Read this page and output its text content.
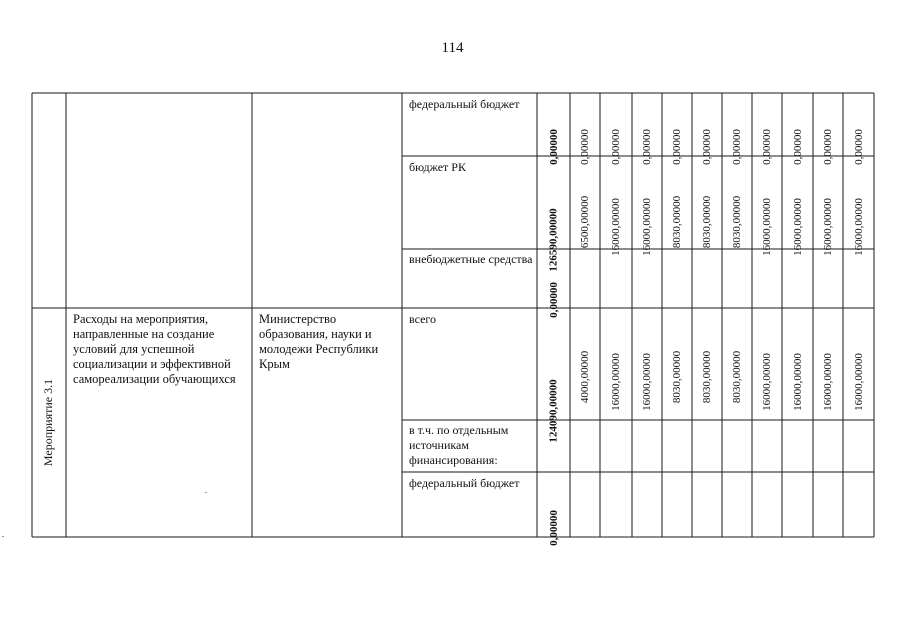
114
федеральный бюджет
бюджет РК
внебюджетные средства
всего
в т.ч. по отдельным источникам финансирования:
федеральный бюджет
Мероприятие 3.1
Расходы на мероприятия, направленные на создание условий для успешной социализации и эффективной самореализации обучающихся
Министерство образования, науки и молодежи Республики Крым
0,00000 0,00000 0,00000 0,00000 0,00000 0,00000 0,00000 0,00000 0,00000 0,00000 0,00000
126590,00000 6500,00000 16000,00000 16000,00000 8030,00000 8030,00000 8030,00000 16000,00000 16000,00000 16000,00000 16000,00000
0,00000
124090,00000
4000,00000 16000,00000 16000,00000 8030,00000 8030,00000 8030,00000 16000,00000 16000,00000 16000,00000 16000,00000
0,00000
